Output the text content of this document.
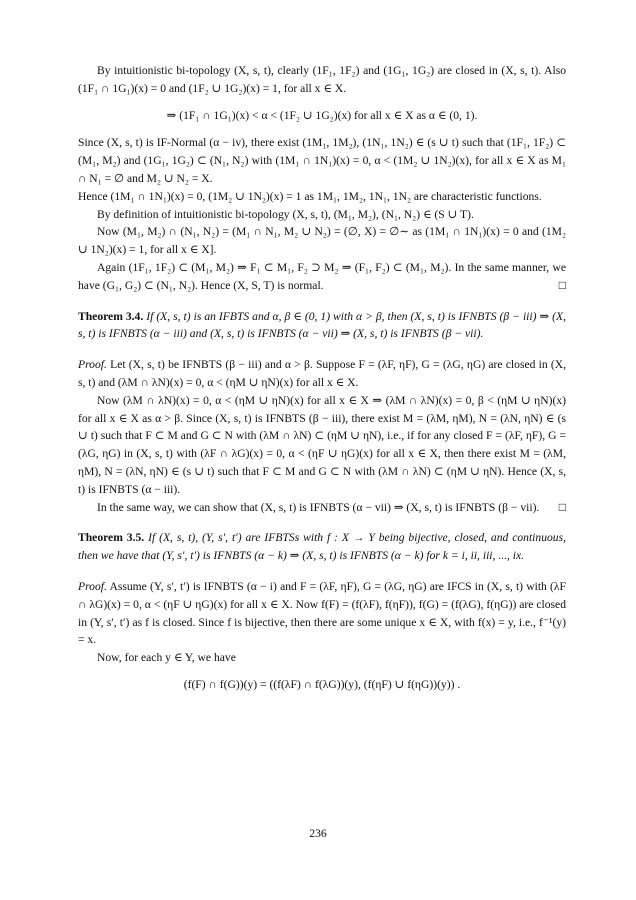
By intuitionistic bi-topology (X, s, t), clearly (1F₁, 1F₂) and (1G₁, 1G₂) are closed in (X, s, t). Also (1F₁ ∩ 1G₁)(x) = 0 and (1F₂ ∪ 1G₂)(x) = 1, for all x ∈ X.

⇒ (1F₁ ∩ 1G₁)(x) < α < (1F₂ ∪ 1G₂)(x) for all x ∈ X as α ∈ (0, 1).

Since (X, s, t) is IF-Normal (α − iv), there exist (1M₁, 1M₂), (1N₁, 1N₂) ∈ (s ∪ t) such that (1F₁, 1F₂) ⊂ (M₁, M₂) and (1G₁, 1G₂) ⊂ (N₁, N₂) with (1M₁ ∩ 1N₁)(x) = 0, α < (1M₂ ∪ 1N₂)(x), for all x ∈ X as M₁ ∩ N₁ = ∅ and M₂ ∪ N₂ = X.

Hence (1M₁ ∩ 1N₁)(x) = 0, (1M₂ ∪ 1N₂)(x) = 1 as 1M₁, 1M₂, 1N₁, 1N₂ are characteristic functions.

By definition of intuitionistic bi-topology (X, s, t), (M₁, M₂), (N₁, N₂) ∈ (S ∪ T).

Now (M₁, M₂) ∩ (N₁, N₂) = (M₁ ∩ N₁, M₂ ∪ N₂) = (∅, X) = ∅∼ as (1M₁ ∩ 1N₁)(x) = 0 and (1M₂ ∪ 1N₂)(x) = 1, for all x ∈ X].

Again (1F₁, 1F₂) ⊂ (M₁, M₂) ⇒ F₁ ⊂ M₁, F₂ ⊃ M₂ ⇒ (F₁, F₂) ⊂ (M₁, M₂). In the same manner, we have (G₁, G₂) ⊂ (N₁, N₂). Hence (X, S, T) is normal.	□

Theorem 3.4. If (X, s, t) is an IFBTS and α, β ∈ (0, 1) with α > β, then (X, s, t) is IFNBTS (β − iii) ⇒ (X, s, t) is IFNBTS (α − iii) and (X, s, t) is IFNBTS (α − vii) ⇒ (X, s, t) is IFNBTS (β − vii).

Proof. Let (X, s, t) be IFNBTS (β − iii) and α > β. Suppose F = (λF, ηF), G = (λG, ηG) are closed in (X, s, t) and (λM ∩ λN)(x) = 0, α < (ηM ∪ ηN)(x) for all x ∈ X.

Now (λM ∩ λN)(x) = 0, α < (ηM ∪ ηN)(x) for all x ∈ X ⇒ (λM ∩ λN)(x) = 0, β < (ηM ∪ ηN)(x) for all x ∈ X as α > β. Since (X, s, t) is IFNBTS (β − iii), there exist M = (λM, ηM), N = (λN, ηN) ∈ (s ∪ t) such that F ⊂ M and G ⊂ N with (λM ∩ λN) ⊂ (ηM ∪ ηN), i.e., if for any closed F = (λF, ηF), G = (λG, ηG) in (X, s, t) with (λF ∩ λG)(x) = 0, α < (ηF ∪ ηG)(x) for all x ∈ X, then there exist M = (λM, ηM), N = (λN, ηN) ∈ (s ∪ t) such that F ⊂ M and G ⊂ N with (λM ∩ λN) ⊂ (ηM ∪ ηN). Hence (X, s, t) is IFNBTS (α − iii).

In the same way, we can show that (X, s, t) is IFNBTS (α − vii) ⇒ (X, s, t) is IFNBTS (β − vii).	□

Theorem 3.5. If (X, s, t), (Y, s′, t′) are IFBTSs with f : X → Y being bijective, closed, and continuous, then we have that (Y, s′, t′) is IFNBTS (α − k) ⇒ (X, s, t) is IFNBTS (α − k) for k = i, ii, iii, ..., ix.

Proof. Assume (Y, s′, t′) is IFNBTS (α − i) and F = (λF, ηF), G = (λG, ηG) are IFCS in (X, s, t) with (λF ∩ λG)(x) = 0, α < (ηF ∪ ηG)(x) for all x ∈ X. Now f(F) = (f(λF), f(ηF)), f(G) = (f(λG), f(ηG)) are closed in (Y, s′, t′) as f is closed. Since f is bijective, then there are some unique x ∈ X, with f(x) = y, i.e., f⁻¹(y) = x.

Now, for each y ∈ Y, we have

(f(F) ∩ f(G))(y) = ((f(λF) ∩ f(λG))(y), (f(ηF) ∪ f(ηG))(y)) .

236
